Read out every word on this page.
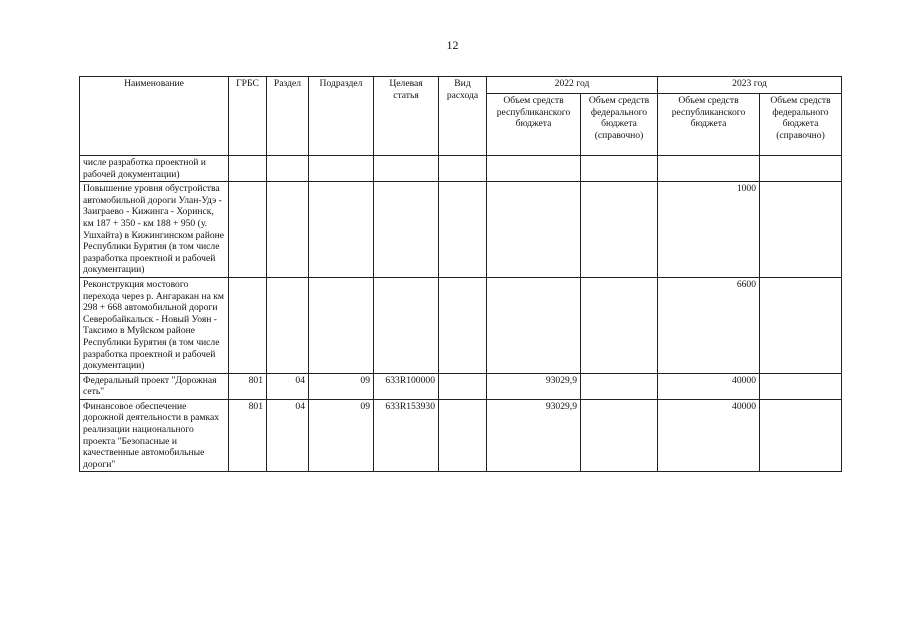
12
Наименование	ГРБС	Раздел	Подраздел	Целевая статья	Вид расхода	2022 год		2023 год	
						Объем средств республиканского бюджета	Объем средств федерального бюджета (справочно)	Объем средств республиканского бюджета	Объем средств федерального бюджета (справочно)
числе разработка проектной и рабочей документации)									
Повышение уровня обустройства автомобильной дороги Улан-Удэ - Заиграево - Кижинга - Хоринск, км 187 + 350 - км 188 + 950 (у. Ушхайта) в Кижингинском районе Республики Бурятия (в том числе разработка проектной и рабочей документации)								1000	
Реконструкция мостового перехода через р. Ангаракан на км 298 + 668 автомобильной дороги Северобайкальск - Новый Уоян - Таксимо в Муйском районе Республики Бурятия (в том числе разработка проектной и рабочей документации)								6600	
Федеральный проект "Дорожная сеть"	801	04	09	633R100000		93029,9		40000	
Финансовое обеспечение дорожной деятельности в рамках реализации национального проекта "Безопасные и качественные автомобильные дороги"	801	04	09	633R153930		93029,9		40000	
